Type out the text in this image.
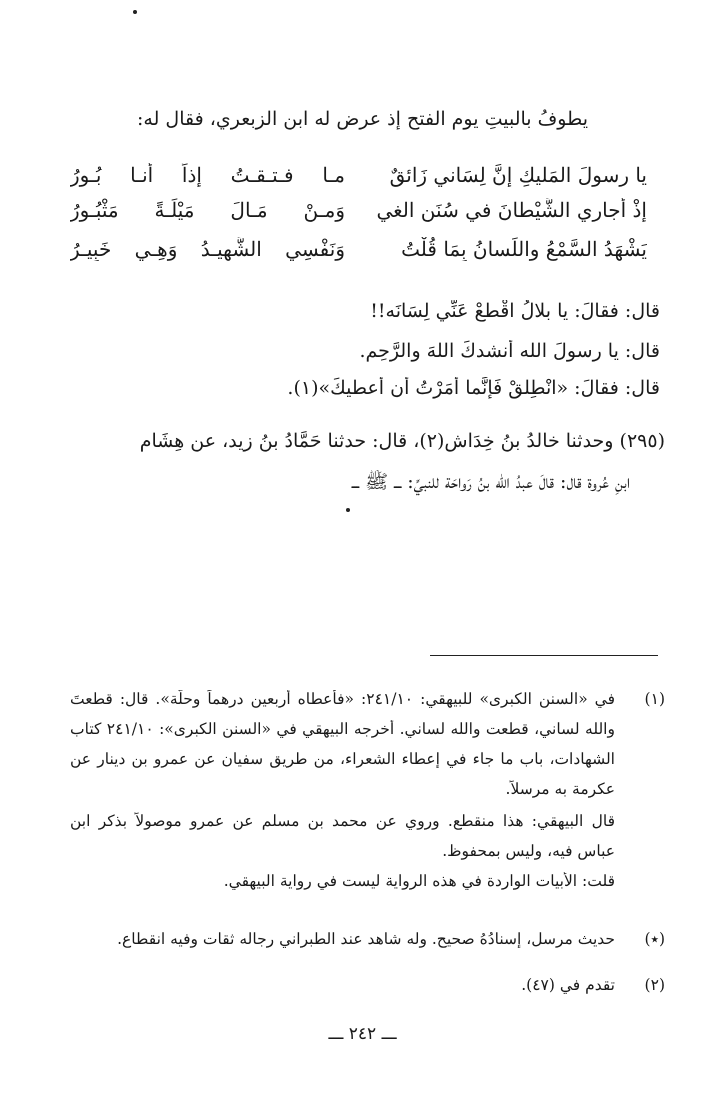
يطوفُ بالبيتِ يوم الفتح إذ عرض له ابن الزبعري، فقال له:
يا رسولَ المَليكِ إنَّ لِسَاني زَائقٌ
مـا فـتـقـتُ إذاً أنـا بُـورُ
إذْ أُجاري الشَّيْطانَ في سُنَنِ الغي
وَمـنْ مَـالَ مَيْلَـةً مَثْبُـورُ
يَشْهَدُ السَّمْعُ واللِّسانُ بِمَا قُلْتُ
وَنَفْسِي الشَّهِيـدُ وَهِـي خَبِيـرُ
قال: فقالَ: يا بلالُ اقْطعْ عَنِّي لِسَانَه!!
قال: يا رسولَ الله أنشدكَ اللهَ والرَّحِم.
قال: فقالَ: «انْطِلقْ فَإنَّما أَمَرْتُ أن أعطيكَ»(١).
(٢٩٥) وحدثنا خالدُ بنُ خِدَاش(٢)، قال: حدثنا حَمَّادُ بنُ زيد، عن هِشَامِ
ابنِ عُروة قال: قالَ عبدُ الله بنُ رَواحَة للنبيِّ: ـــ ﷺ ـــ
(١)
في «السنن الكبرى» للبيهقي: ٢٤١/١٠: «فأعطاه أربعين درهماً وحلّة». قال: قطعتَ
والله لساني، قطعت والله لساني. أخرجه البيهقي في «السنن الكبرى»: ٢٤١/١٠ كتاب
الشهادات، باب ما جاء في إعطاء الشعراء، من طريق سفيان عن عمرو بن دينار عن
عكرمة به مرسلاً.
قال البيهقي: هذا منقطع. وروي عن محمد بن مسلم عن عمرو موصولاً بذكر ابن
عباس فيه، وليس بمحفوظ.
قلت: الأبيات الواردة في هذه الرواية ليست في رواية البيهقي.
(٭)
حديث مرسل، إسنادُهُ صحيح. وله شاهد عند الطبراني رجاله ثقات وفيه انقطاع.
(٢)
تقدم في (٤٧).
ـــ ٢٤٢ ـــ
